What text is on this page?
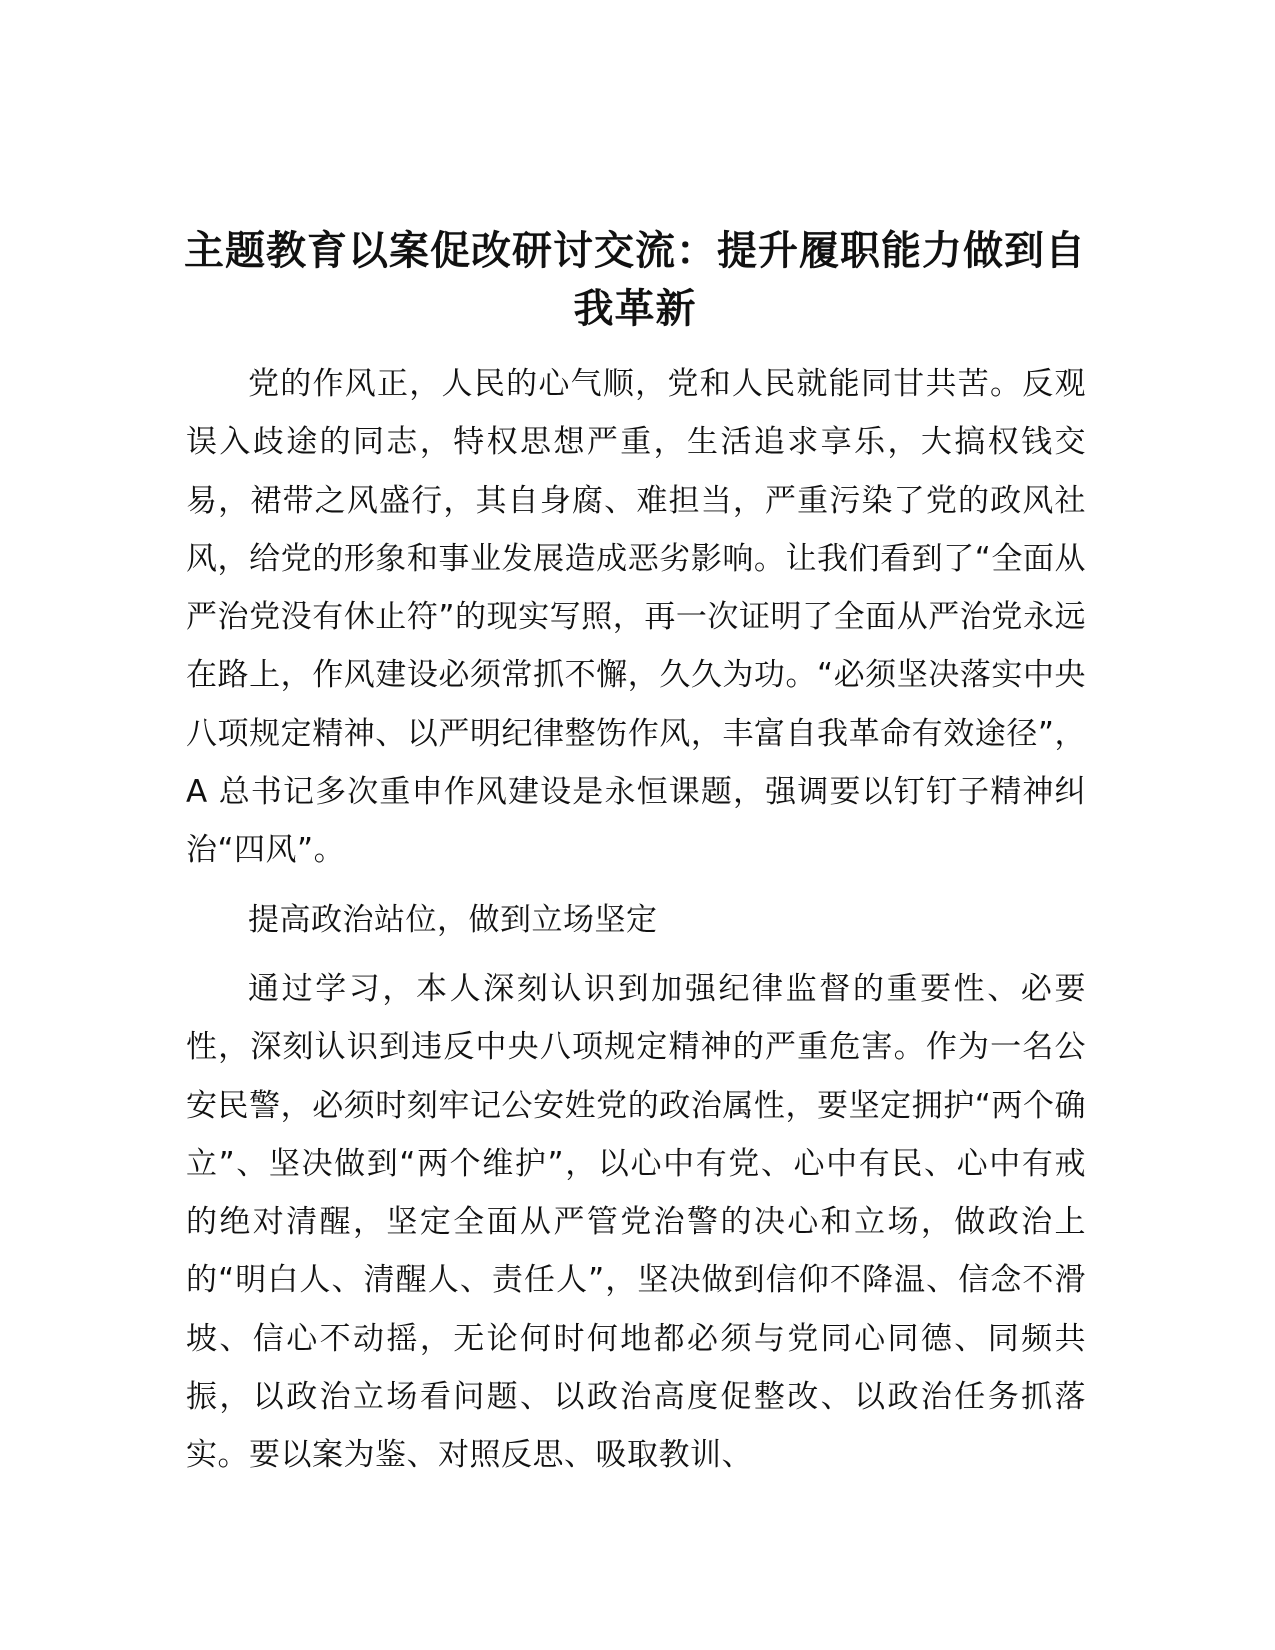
主题教育以案促改研讨交流：提升履职能力做到自我革新

党的作风正，人民的心气顺，党和人民就能同甘共苦。反观误入歧途的同志，特权思想严重，生活追求享乐，大搞权钱交易，裙带之风盛行，其自身腐、难担当，严重污染了党的政风社风，给党的形象和事业发展造成恶劣影响。让我们看到了“全面从严治党没有休止符”的现实写照，再一次证明了全面从严治党永远在路上，作风建设必须常抓不懈，久久为功。“必须坚决落实中央八项规定精神、以严明纪律整饬作风，丰富自我革命有效途径”，A 总书记多次重申作风建设是永恒课题，强调要以钉钉子精神纠治“四风”。

提高政治站位，做到立场坚定

通过学习，本人深刻认识到加强纪律监督的重要性、必要性，深刻认识到违反中央八项规定精神的严重危害。作为一名公安民警，必须时刻牢记公安姓党的政治属性，要坚定拥护“两个确立”、坚决做到“两个维护”，以心中有党、心中有民、心中有戒的绝对清醒，坚定全面从严管党治警的决心和立场，做政治上的“明白人、清醒人、责任人”，坚决做到信仰不降温、信念不滑坡、信心不动摇，无论何时何地都必须与党同心同德、同频共振，以政治立场看问题、以政治高度促整改、以政治任务抓落实。要以案为鉴、对照反思、吸取教训、
